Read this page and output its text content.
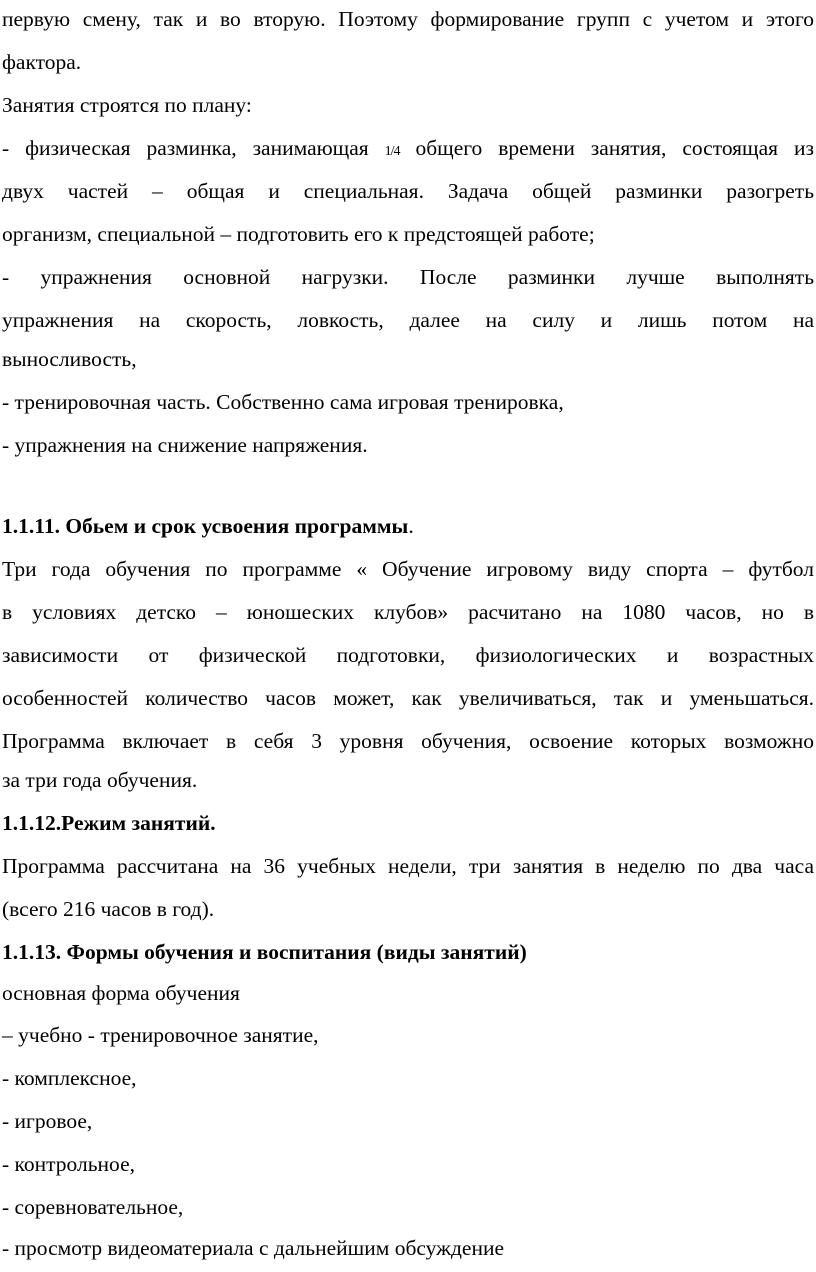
первую смену, так и во вторую. Поэтому формирование групп с учетом и этого
фактора.
Занятия строятся по плану:
- физическая разминка, занимающая 1/4 общего времени занятия, состоящая из
двух частей – общая и специальная. Задача общей разминки разогреть
организм, специальной – подготовить его к предстоящей работе;
- упражнения основной нагрузки. После разминки лучше выполнять
упражнения на скорость, ловкость, далее на силу и лишь потом на
выносливость,
- тренировочная часть. Собственно сама игровая тренировка,
- упражнения на снижение напряжения.
1.1.11. Обьем и срок усвоения программы.
Три года обучения по программе « Обучение игровому виду спорта – футбол
в условиях детско – юношеских клубов» расчитано на 1080 часов, но в
зависимости от физической подготовки, физиологических и возрастных
особенностей количество часов может, как увеличиваться, так и уменьшаться.
Программа включает в себя 3 уровня обучения, освоение которых возможно
за три года обучения.
1.1.12.Режим занятий.
Программа рассчитана на 36 учебных недели, три занятия в неделю по два часа
(всего 216 часов в год).
1.1.13. Формы обучения и воспитания (виды занятий)
основная форма обучения
– учебно - тренировочное занятие,
- комплексное,
- игровое,
- контрольное,
- соревновательное,
- просмотр видеоматериала с дальнейшим обсуждение
